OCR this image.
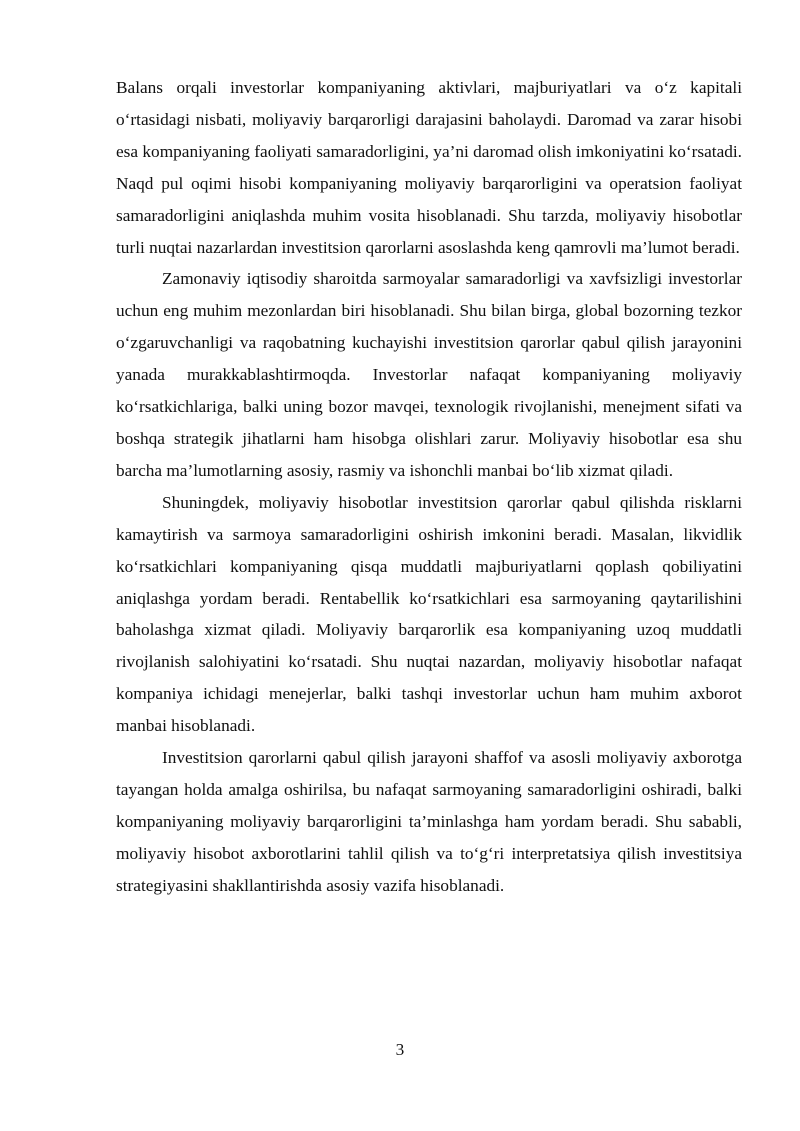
Balans orqali investorlar kompaniyaning aktivlari, majburiyatlari va o‘z kapitali o‘rtasidagi nisbati, moliyaviy barqarorligi darajasini baholaydi. Daromad va zarar hisobi esa kompaniyaning faoliyati samaradorligini, ya’ni daromad olish imkoniyatini ko‘rsatadi. Naqd pul oqimi hisobi kompaniyaning moliyaviy barqarorligini va operatsion faoliyat samaradorligini aniqlashda muhim vosita hisoblanadi. Shu tarzda, moliyaviy hisobotlar turli nuqtai nazarlardan investitsion qarorlarni asoslashda keng qamrovli ma’lumot beradi.

Zamonaviy iqtisodiy sharoitda sarmoyalar samaradorligi va xavfsizligi investorlar uchun eng muhim mezonlardan biri hisoblanadi. Shu bilan birga, global bozorning tezkor o‘zgaruvchanligi va raqobatning kuchayishi investitsion qarorlar qabul qilish jarayonini yanada murakkablashtirmoqda. Investorlar nafaqat kompaniyaning moliyaviy ko‘rsatkichlariga, balki uning bozor mavqei, texnologik rivojlanishi, menejment sifati va boshqa strategik jihatlarni ham hisobga olishlari zarur. Moliyaviy hisobotlar esa shu barcha ma’lumotlarning asosiy, rasmiy va ishonchli manbai bo‘lib xizmat qiladi.

Shuningdek, moliyaviy hisobotlar investitsion qarorlar qabul qilishda risklarni kamaytirish va sarmoya samaradorligini oshirish imkonini beradi. Masalan, likvidlik ko‘rsatkichlari kompaniyaning qisqa muddatli majburiyatlarni qoplash qobiliyatini aniqlashga yordam beradi. Rentabellik ko‘rsatkichlari esa sarmoyaning qaytarilishini baholashga xizmat qiladi. Moliyaviy barqarorlik esa kompaniyaning uzoq muddatli rivojlanish salohiyatini ko‘rsatadi. Shu nuqtai nazardan, moliyaviy hisobotlar nafaqat kompaniya ichidagi menejerlar, balki tashqi investorlar uchun ham muhim axborot manbai hisoblanadi.

Investitsion qarorlarni qabul qilish jarayoni shaffof va asosli moliyaviy axborotga tayangan holda amalga oshirilsa, bu nafaqat sarmoyaning samaradorligini oshiradi, balki kompaniyaning moliyaviy barqarorligini ta’minlashga ham yordam beradi. Shu sababli, moliyaviy hisobot axborotlarini tahlil qilish va to‘g‘ri interpretatsiya qilish investitsiya strategiyasini shakllantirishda asosiy vazifa hisoblanadi.

3
